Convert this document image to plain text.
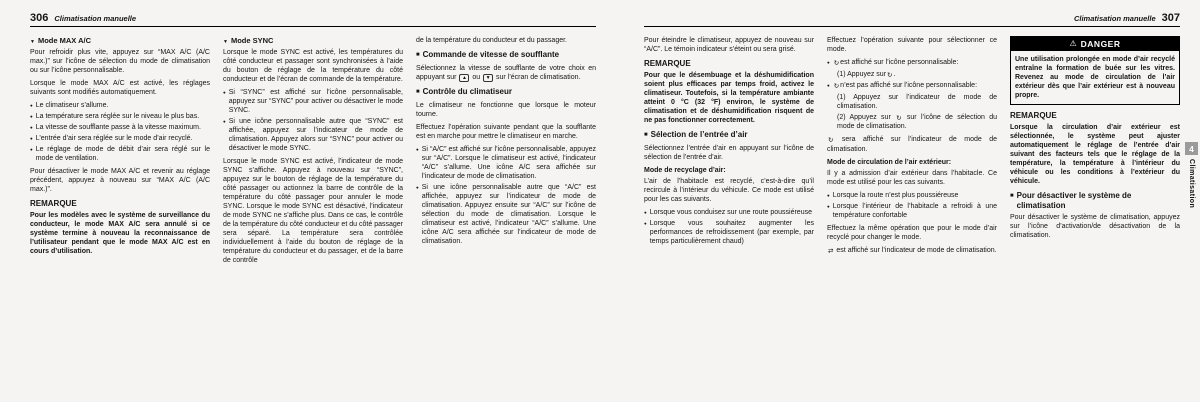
306 Climatisation manuelle
▼ Mode MAX A/C
Pour refroidir plus vite, appuyez sur “MAX A/C (A/C max.)” sur l’icône de sélection du mode de climatisation ou sur l’icône personnalisable.
Lorsque le mode MAX A/C est activé, les réglages suivants sont modifiés automatiquement.
● Le climatiseur s’allume.
● La température sera réglée sur le niveau le plus bas.
● La vitesse de soufflante passe à la vitesse maximum.
● L’entrée d’air sera réglée sur le mode d’air recyclé.
● Le réglage de mode de débit d’air sera réglé sur le mode de ventilation.
Pour désactiver le mode MAX A/C et revenir au réglage précédent, appuyez à nouveau sur “MAX A/C (A/C max.)”.
REMARQUE
Pour les modèles avec le système de surveillance du conducteur, le mode MAX A/C sera annulé si ce système termine à nouveau la reconnaissance de l’utilisateur pendant que le mode MAX A/C est en cours d’utilisation.
▼ Mode SYNC
Lorsque le mode SYNC est activé, les températures du côté conducteur et passager sont synchronisées à l’aide du bouton de réglage de la température du côté conducteur et de l’écran de commande de la température.
● Si “SYNC” est affiché sur l’icône personnalisable, appuyez sur “SYNC” pour activer ou désactiver le mode SYNC.
● Si une icône personnalisable autre que “SYNC” est affichée, appuyez sur l’indicateur de mode de climatisation. Appuyez alors sur “SYNC” pour activer ou désactiver le mode SYNC.
Lorsque le mode SYNC est activé, l’indicateur de mode SYNC s’affiche. Appuyez à nouveau sur “SYNC”, appuyez sur le bouton de réglage de la température du côté passager ou actionnez la barre de contrôle de la température du côté passager pour annuler le mode SYNC. Lorsque le mode SYNC est désactivé, l’indicateur de mode SYNC ne s’affiche plus. Dans ce cas, le contrôle de la température du côté conducteur et du côté passager sera séparé. La température sera contrôlée individuellement à l’aide du bouton de réglage de la température du conducteur et du passager, et de la barre de contrôle
de la température du conducteur et du passager.
■ Commande de vitesse de soufflante
Sélectionnez la vitesse de soufflante de votre choix en appuyant sur ▲ ou ▼ sur l’écran de climatisation.
■ Contrôle du climatiseur
Le climatiseur ne fonctionne que lorsque le moteur tourne.
Effectuez l’opération suivante pendant que la soufflante est en marche pour mettre le climatiseur en marche.
● Si “A/C” est affiché sur l’icône personnalisable, appuyez sur “A/C”. Lorsque le climatiseur est activé, l’indicateur “A/C” s’allume. Une icône A/C sera affichée sur l’indicateur de mode de climatisation.
● Si une icône personnalisable autre que “A/C” est affichée, appuyez sur l’indicateur de mode de climatisation. Appuyez ensuite sur “A/C” sur l’icône de sélection du mode de climatisation. Lorsque le climatiseur est activé, l’indicateur “A/C” s’allume. Une icône A/C sera affichée sur l’indicateur de mode de climatisation.
Climatisation manuelle 307
Pour éteindre le climatiseur, appuyez de nouveau sur “A/C”. Le témoin indicateur s’éteint ou sera grisé.
REMARQUE
Pour que le désembuage et la déshumidification soient plus efficaces par temps froid, activez le climatiseur. Toutefois, si la température ambiante atteint 0 °C (32 °F) environ, le système de climatisation et de déshumidification risquent de ne pas fonctionner correctement.
■ Sélection de l’entrée d’air
Sélectionnez l’entrée d’air en appuyant sur l’icône de sélection de l’entrée d’air.
Mode de recyclage d’air:
L’air de l’habitacle est recyclé, c’est-à-dire qu’il recircule à l’intérieur du véhicule. Ce mode est utilisé pour les cas suivants.
● Lorsque vous conduisez sur une route poussiéreuse
● Lorsque vous souhaitez augmenter les performances de refroidissement (par exemple, par temps particulièrement chaud)
Effectuez l’opération suivante pour sélectionner ce mode.
● ↻est affiché sur l’icône personnalisable:
(1) Appuyez sur↻.
● ↻n’est pas affiché sur l’icône personnalisable:
(1) Appuyez sur l’indicateur de mode de climatisation.
(2) Appuyez sur ↻ sur l’icône de sélection du mode de climatisation.
↻ sera affiché sur l’indicateur de mode de climatisation.
Mode de circulation de l’air extérieur:
Il y a admission d’air extérieur dans l’habitacle. Ce mode est utilisé pour les cas suivants.
● Lorsque la route n’est plus poussiéreuse
● Lorsque l’intérieur de l’habitacle a refroidi à une température confortable
Effectuez la même opération que pour le mode d’air recyclé pour changer le mode.
⇄ est affiché sur l’indicateur de mode de climatisation.
⚠ DANGER
Une utilisation prolongée en mode d’air recyclé entraîne la formation de buée sur les vitres. Revenez au mode de circulation de l’air extérieur dès que l’air extérieur est à nouveau propre.
REMARQUE
Lorsque la circulation d’air extérieur est sélectionnée, le système peut ajuster automatiquement le réglage de l’entrée d’air suivant des facteurs tels que le réglage de la température, la température à l’intérieur du véhicule ou les conditions à l’extérieur du véhicule.
■ Pour désactiver le système de climatisation
Pour désactiver le système de climatisation, appuyez sur l’icône d’activation/de désactivation de la climatisation.
4
Climatisation
